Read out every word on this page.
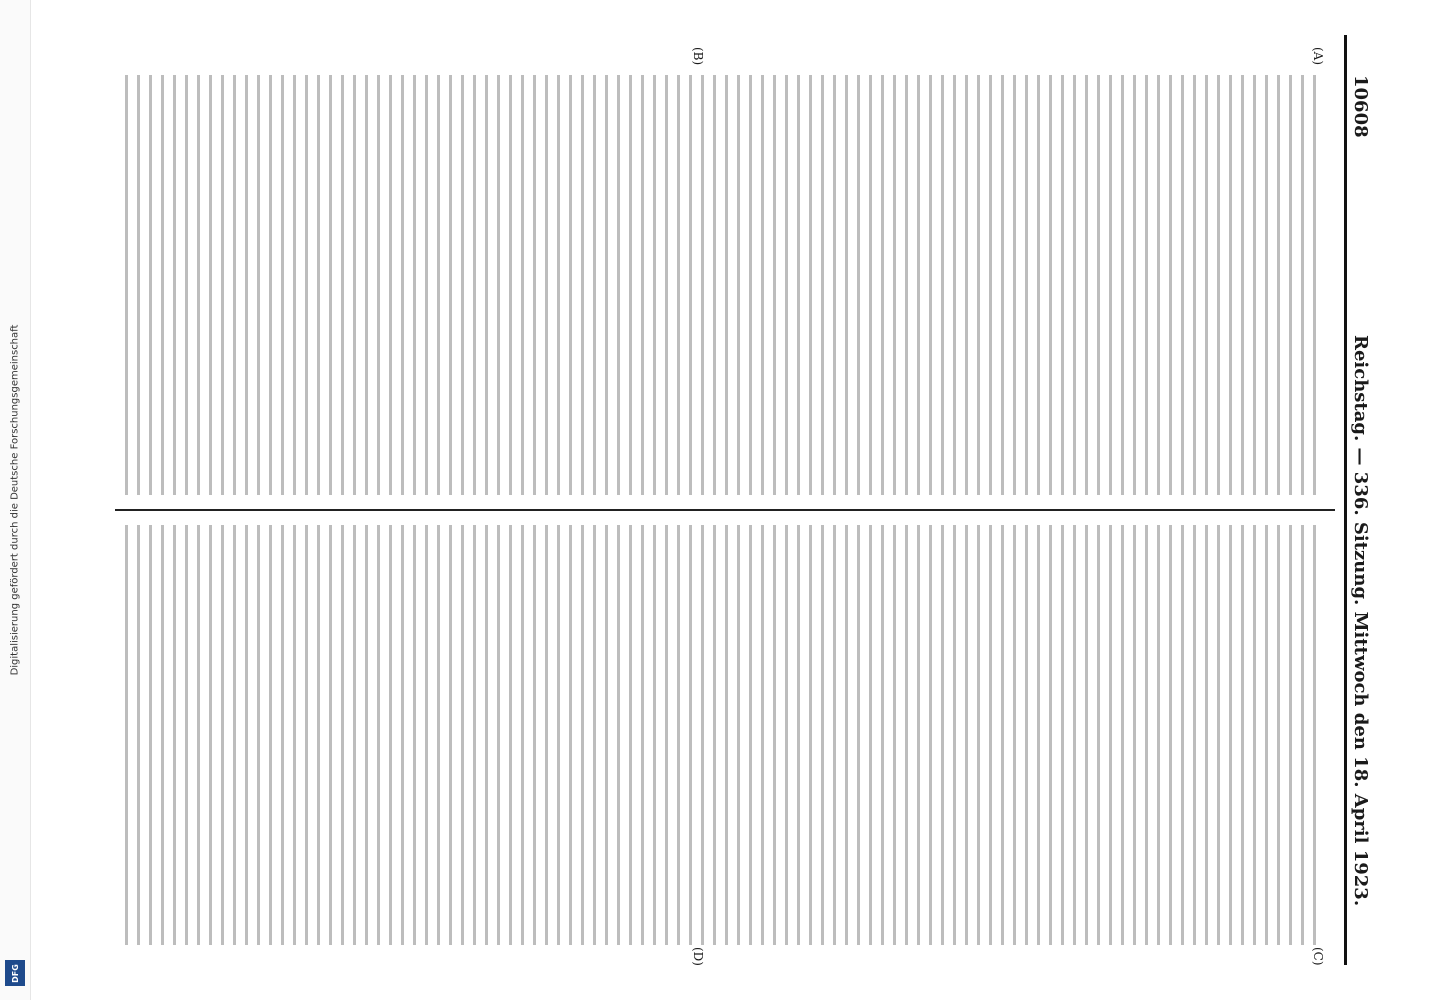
Digitalisierung gefördert durch die Deutsche Forschungsgemeinschaft
DFG
10608
Reichstag. — 336. Sitzung. Mittwoch den 18. April 1923.
(A)
(B)
(C)
(D)
